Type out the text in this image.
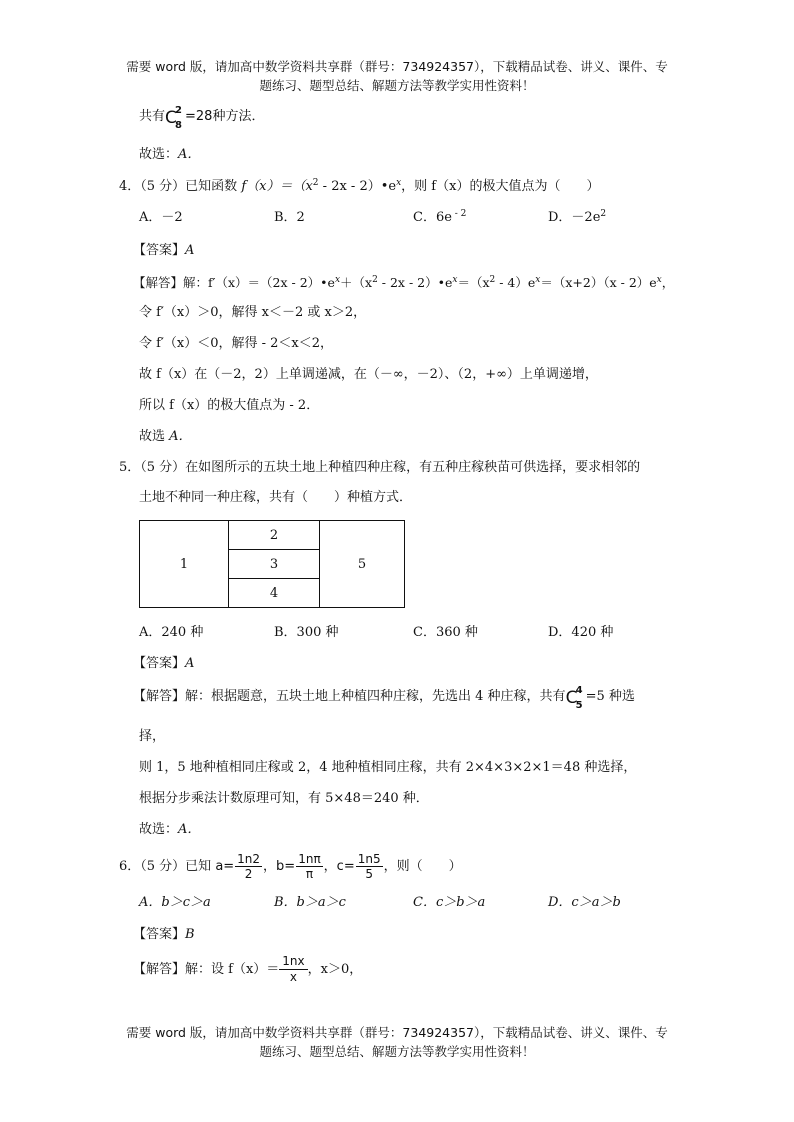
需要 word 版，请加高中数学资料共享群（群号：734924357），下载精品试卷、讲义、课件、专
题练习、题型总结、解题方法等教学实用性资料！
共有 C
2
8
=28种方法．
故选：A．
4．（5 分）已知函数 $f(x)=(x^2 - 2x$ - $2)•e^x$，则 f（x）的极大值点为（　　）
A．－2	B．2	C．6e $^{- 2}$	D．$-2e^2$
【答案】A
【解答】解：$f'(x)=(2x - 2)•e^x+(x^2 - 2x$ - $2)•e^x=(x^2 - 4)e^x=(x+2)(x - 2)e^x$，
令 f′（x）＞0，解得 x＜－2 或 x＞2，
令 f′（x）＜0，解得 - 2＜x＜2，
故 f（x）在（－2，2）上单调递减，在（－∞，－2）、（2，+∞）上单调递增，
所以 f（x）的极大值点为 - 2．
故选 A．
5．（5 分）在如图所示的五块土地上种植四种庄稼，有五种庄稼秧苗可供选择，要求相邻的
土地不种同一种庄稼，共有（　　）种植方式．
1	2	5
3
4
A．240 种	B．300 种	C．360 种	D．420 种
【答案】A
【解答】解：根据题意，五块土地上种植四种庄稼，先选出 4 种庄稼，共有 C
4
5
=5 种选
择，
则 1，5 地种植相同庄稼或 2，4 地种植相同庄稼，共有 2×4×3×2×1＝48 种选择，
根据分步乘法计数原理可知，有 5×48＝240 种．
故选：A．
6．（5 分）已知 $a= \frac{1n2}{2}$ ，$b= \frac{1n\pi}{\pi}$ ，$c= \frac{1n5}{5}$ ，则（　　）
A．b＞c＞a	B．b＞a＞c	C．c＞b＞a	D．c＞a＞b
【答案】B
【解答】解：设 $f(x)= \frac{1nx}{x}$ ，x＞0，
需要 word 版，请加高中数学资料共享群（群号：734924357），下载精品试卷、讲义、课件、专
题练习、题型总结、解题方法等教学实用性资料！
